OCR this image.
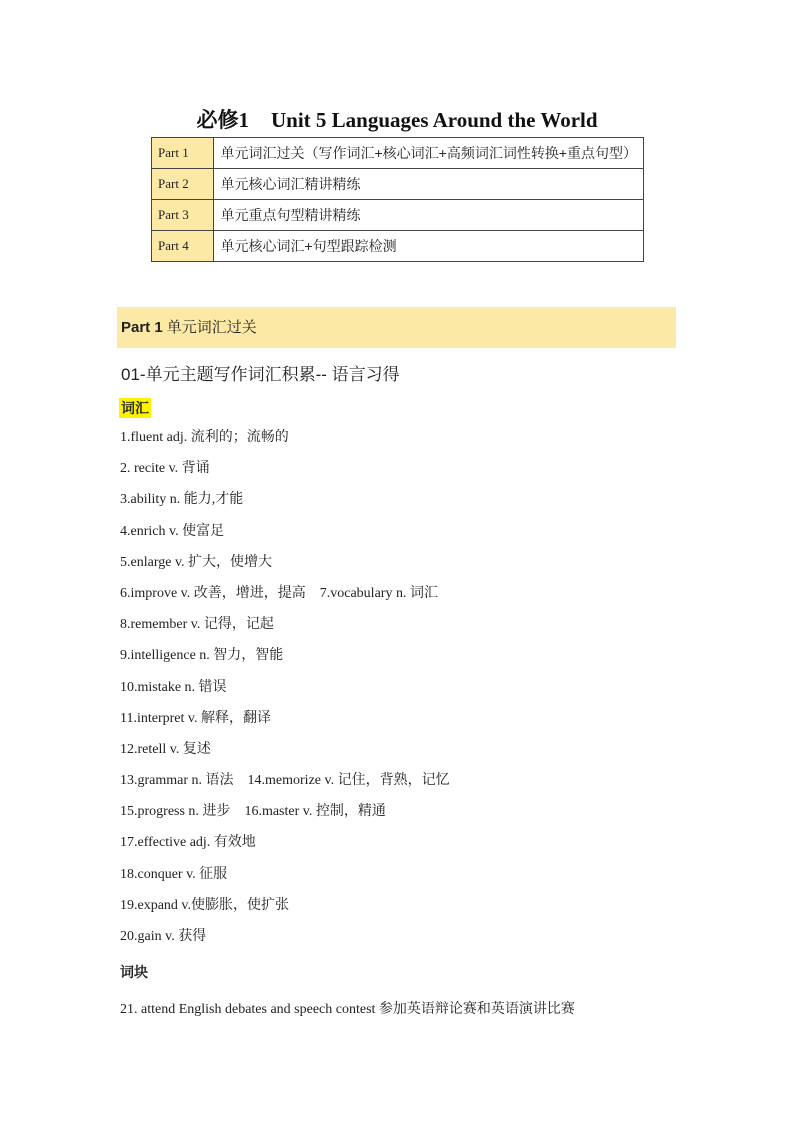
必修1 Unit 5 Languages Around the World
Part 1	单元词汇过关（写作词汇+核心词汇+高频词汇词性转换+重点句型）
Part 2	单元核心词汇精讲精练
Part 3	单元重点句型精讲精练
Part 4	单元核心词汇+句型跟踪检测
Part 1 单元词汇过关
01-单元主题写作词汇积累-- 语言习得
词汇
1.fluent adj. 流利的；流畅的
2. recite v. 背诵
3.ability n. 能力,才能
4.enrich v. 使富足
5.enlarge v. 扩大，使增大
6.improve v. 改善，增进，提高 7.vocabulary n. 词汇
8.remember v. 记得，记起
9.intelligence n. 智力，智能
10.mistake n. 错误
11.interpret v. 解释，翻译
12.retell v. 复述
13.grammar n. 语法 14.memorize v. 记住，背熟，记忆
15.progress n. 进步 16.master v. 控制，精通
17.effective adj. 有效地
18.conquer v. 征服
19.expand v.使膨胀，使扩张
20.gain v. 获得
词块
21. attend English debates and speech contest 参加英语辩论赛和英语演讲比赛
